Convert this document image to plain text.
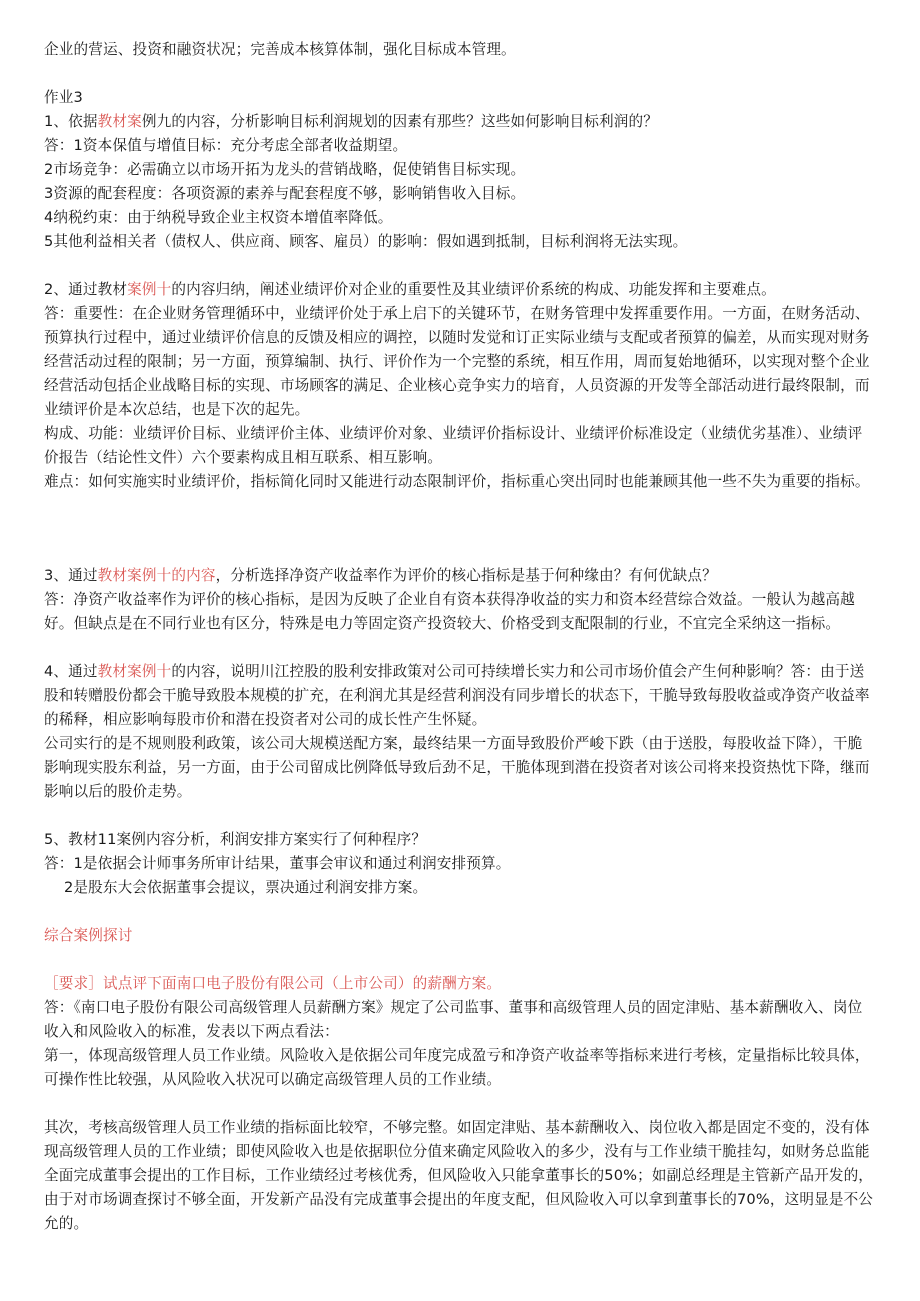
企业的营运、投资和融资状况；完善成本核算体制，强化目标成本管理。

作业3

1、依据教材案例九的内容，分析影响目标利润规划的因素有那些？这些如何影响目标利润的？

答：1资本保值与增值目标：充分考虑全部者收益期望。

2市场竞争：必需确立以市场开拓为龙头的营销战略，促使销售目标实现。

3资源的配套程度：各项资源的素养与配套程度不够，影响销售收入目标。

4纳税约束：由于纳税导致企业主权资本增值率降低。

5其他利益相关者（债权人、供应商、顾客、雇员）的影响：假如遇到抵制，目标利润将无法实现。

2、通过教材案例十的内容归纳，阐述业绩评价对企业的重要性及其业绩评价系统的构成、功能发挥和主要难点。

答：重要性：在企业财务管理循环中，业绩评价处于承上启下的关键环节，在财务管理中发挥重要作用。一方面，在财务活动、预算执行过程中，通过业绩评价信息的反馈及相应的调控，以随时发觉和订正实际业绩与支配或者预算的偏差，从而实现对财务经营活动过程的限制；另一方面，预算编制、执行、评价作为一个完整的系统，相互作用，周而复始地循环，以实现对整个企业经营活动包括企业战略目标的实现、市场顾客的满足、企业核心竞争实力的培育，人员资源的开发等全部活动进行最终限制，而业绩评价是本次总结，也是下次的起先。

构成、功能：业绩评价目标、业绩评价主体、业绩评价对象、业绩评价指标设计、业绩评价标准设定（业绩优劣基准）、业绩评价报告（结论性文件）六个要素构成且相互联系、相互影响。

难点：如何实施实时业绩评价，指标简化同时又能进行动态限制评价，指标重心突出同时也能兼顾其他一些不失为重要的指标。

3、通过教材案例十的内容，分析选择净资产收益率作为评价的核心指标是基于何种缘由？有何优缺点？

答：净资产收益率作为评价的核心指标，是因为反映了企业自有资本获得净收益的实力和资本经营综合效益。一般认为越高越好。但缺点是在不同行业也有区分，特殊是电力等固定资产投资较大、价格受到支配限制的行业，不宜完全采纳这一指标。

4、通过教材案例十的内容，说明川江控股的股利安排政策对公司可持续增长实力和公司市场价值会产生何种影响？答：由于送股和转赠股份都会干脆导致股本规模的扩充，在利润尤其是经营利润没有同步增长的状态下，干脆导致每股收益或净资产收益率的稀释，相应影响每股市价和潜在投资者对公司的成长性产生怀疑。

公司实行的是不规则股利政策，该公司大规模送配方案，最终结果一方面导致股价严峻下跌（由于送股，每股收益下降），干脆影响现实股东利益，另一方面，由于公司留成比例降低导致后劲不足，干脆体现到潜在投资者对该公司将来投资热忱下降，继而影响以后的股价走势。

5、教材11案例内容分析，利润安排方案实行了何种程序？

答：1是依据会计师事务所审计结果，董事会审议和通过利润安排预算。

2是股东大会依据董事会提议，票决通过利润安排方案。

综合案例探讨

［要求］试点评下面南口电子股份有限公司（上市公司）的薪酬方案。

答：《南口电子股份有限公司高级管理人员薪酬方案》规定了公司监事、董事和高级管理人员的固定津贴、基本薪酬收入、岗位收入和风险收入的标准，发表以下两点看法：

第一，体现高级管理人员工作业绩。风险收入是依据公司年度完成盈亏和净资产收益率等指标来进行考核，定量指标比较具体，可操作性比较强，从风险收入状况可以确定高级管理人员的工作业绩。

其次，考核高级管理人员工作业绩的指标面比较窄，不够完整。如固定津贴、基本薪酬收入、岗位收入都是固定不变的，没有体现高级管理人员的工作业绩；即使风险收入也是依据职位分值来确定风险收入的多少，没有与工作业绩干脆挂勾，如财务总监能全面完成董事会提出的工作目标，工作业绩经过考核优秀，但风险收入只能拿董事长的50%；如副总经理是主管新产品开发的，由于对市场调查探讨不够全面，开发新产品没有完成董事会提出的年度支配，但风险收入可以拿到董事长的70%，这明显是不公允的。
